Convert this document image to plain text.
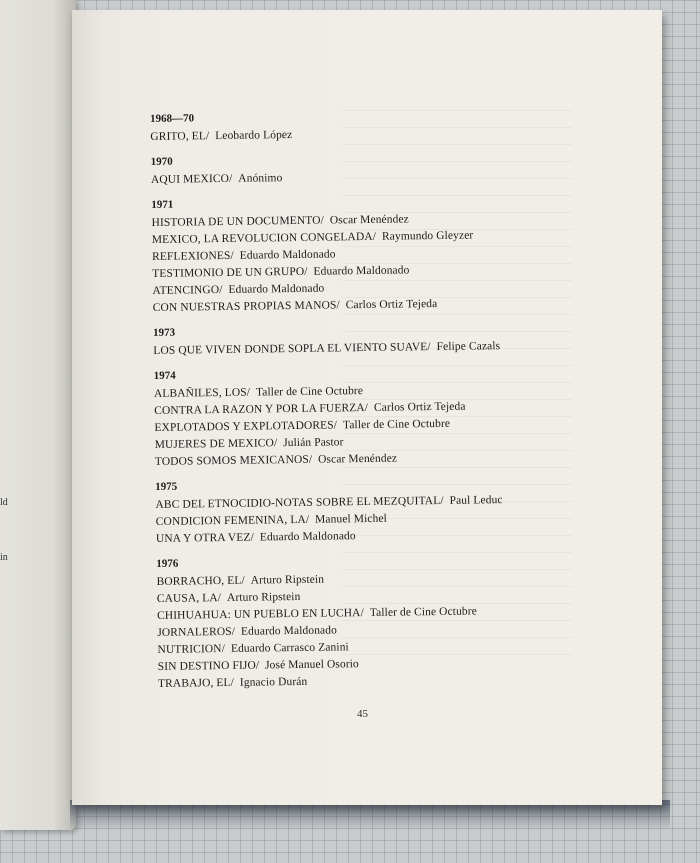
ld
in
1968—70
GRITO, EL/ Leobardo López
1970
AQUI MEXICO/ Anónimo
1971
HISTORIA DE UN DOCUMENTO/ Oscar Menéndez
MEXICO, LA REVOLUCION CONGELADA/ Raymundo Gleyzer
REFLEXIONES/ Eduardo Maldonado
TESTIMONIO DE UN GRUPO/ Eduardo Maldonado
ATENCINGO/ Eduardo Maldonado
CON NUESTRAS PROPIAS MANOS/ Carlos Ortiz Tejeda
1973
LOS QUE VIVEN DONDE SOPLA EL VIENTO SUAVE/ Felipe Cazals
1974
ALBAÑILES, LOS/ Taller de Cine Octubre
CONTRA LA RAZON Y POR LA FUERZA/ Carlos Ortiz Tejeda
EXPLOTADOS Y EXPLOTADORES/ Taller de Cine Octubre
MUJERES DE MEXICO/ Julián Pastor
TODOS SOMOS MEXICANOS/ Oscar Menéndez
1975
ABC DEL ETNOCIDIO-NOTAS SOBRE EL MEZQUITAL/ Paul Leduc
CONDICION FEMENINA, LA/ Manuel Michel
UNA Y OTRA VEZ/ Eduardo Maldonado
1976
BORRACHO, EL/ Arturo Ripstein
CAUSA, LA/ Arturo Ripstein
CHIHUAHUA: UN PUEBLO EN LUCHA/ Taller de Cine Octubre
JORNALEROS/ Eduardo Maldonado
NUTRICION/ Eduardo Carrasco Zanini
SIN DESTINO FIJO/ José Manuel Osorio
TRABAJO, EL/ Ignacio Durán
45
